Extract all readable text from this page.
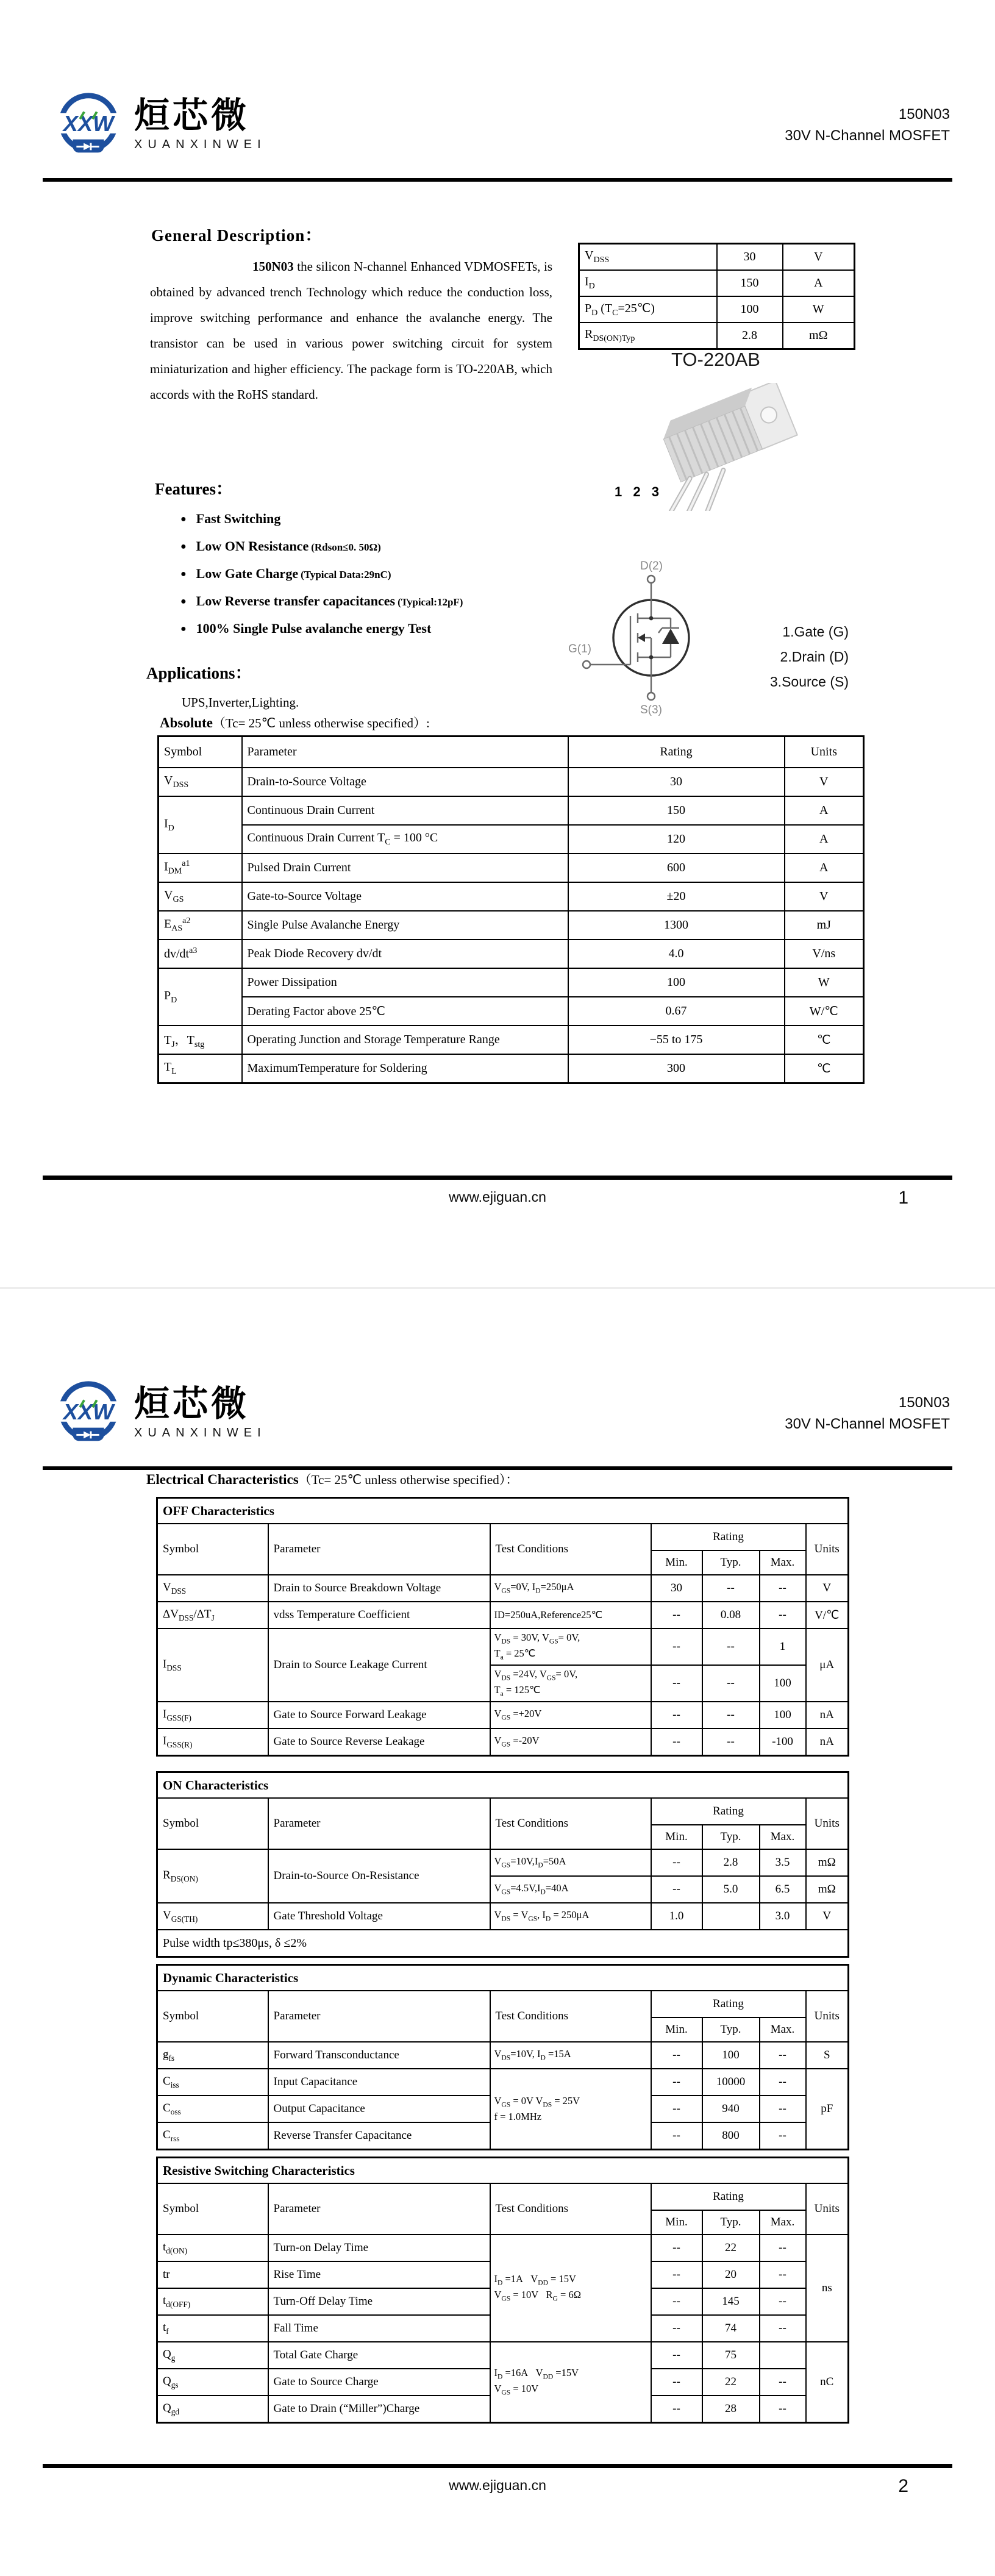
XXW 烜芯微
XUANXINWEI
150N03
30V N-Channel MOSFET
General Description：
150N03 the silicon N-channel Enhanced VDMOSFETs, is obtained by advanced trench Technology which reduce the conduction loss, improve switching performance and enhance the avalanche energy. The transistor can be used in various power switching circuit for system miniaturization and higher efficiency. The package form is TO-220AB, which accords with the RoHS standard.
$V_{DSS}$	30	V
$I_D$	150	A
$P_D$ $(T_C=25℃)$	100	W
$R_{DS(ON)Typ}$	2.8	mΩ
TO-220AB
1 2 3
D(2)
G(1)
S(3)
1.Gate (G)
2.Drain (D)
3.Source (S)
Features：
● Fast Switching
● Low ON Resistance (Rdson≤0. 50Ω)
● Low Gate Charge (Typical Data:29nC)
● Low Reverse transfer capacitances (Typical:12pF)
● 100% Single Pulse avalanche energy Test
Applications：
UPS,Inverter,Lighting.
Absolute（Tc= 25℃ unless otherwise specified）:
Symbol	Parameter	Rating	Units
$V_{DSS}$	Drain-to-Source Voltage	30	V
$I_D$	Continuous Drain Current	150	A
	Continuous Drain Current $T_C = 100$ °C	120	A
$I_{DM}^{a1}$	Pulsed Drain Current	600	A
$V_{GS}$	Gate-to-Source Voltage	±20	V
$E_{AS}^{a2}$	Single Pulse Avalanche Energy	1300	mJ
$dv/dt^{a3}$	Peak Diode Recovery dv/dt	4.0	V/ns
$P_D$	Power Dissipation	100	W
	Derating Factor above 25℃	0.67	W/℃
$T_J$，$T_{stg}$	Operating Junction and Storage Temperature Range	−55 to 175	℃
$T_L$	MaximumTemperature for Soldering	300	℃
www.ejiguan.cn	1
XXW 烜芯微
XUANXINWEI
150N03
30V N-Channel MOSFET
Electrical Characteristics（Tc= 25℃ unless otherwise specified）：
OFF Characteristics						
Symbol	Parameter	Test Conditions	Rating			Units
			Min.	Typ.	Max.	
$V_{DSS}$	Drain to Source Breakdown Voltage	$V_{GS}=0V$, $I_D=250\mu A$	30	--	--	V
$\Delta V_{DSS}/\Delta T_J$	vdss Temperature Coefficient	ID=250uA,Reference25℃	--	0.08	--	V/℃
$I_{DSS}$	Drain to Source Leakage Current	$V_{DS} = 30V$, $V_{GS}= 0V$,
$T_a$ = 25℃	--	--	1	μA
		$V_{DS} =24V$, $V_{GS}= 0V$,
$T_a$ = 125℃	--	--	100	
$I_{GSS(F)}$	Gate to Source Forward Leakage	$V_{GS} =+20V$	--	--	100	nA
$I_{GSS(R)}$	Gate to Source Reverse Leakage	$V_{GS} =-20V$	--	--	-100	nA
ON Characteristics						
Symbol	Parameter	Test Conditions	Rating			Units
			Min.	Typ.	Max.	
$R_{DS(ON)}$	Drain-to-Source On-Resistance	$V_{GS}=10V,I_D=50A$	--	2.8	3.5	mΩ
		$V_{GS}=4.5V,I_D=40A$	--	5.0	6.5	mΩ
$V_{GS(TH)}$	Gate Threshold Voltage	$V_{DS} = V_{GS}$, $I_D = 250\mu A$	1.0		3.0	V
Pulse width tp≤380μs, δ ≤2%						
Dynamic Characteristics						
Symbol	Parameter	Test Conditions	Rating			Units
			Min.	Typ.	Max.	
$g_{fs}$	Forward Transconductance	$V_{DS}=10V$, $I_D =15A$	--	100	--	S
$C_{iss}$	Input Capacitance	$V_{GS} = 0V$ $V_{DS} = 25V$
f = 1.0MHz	--	10000	--	pF
$C_{oss}$	Output Capacitance		--	940	--	
$C_{rss}$	Reverse Transfer Capacitance		--	800	--	
Resistive Switching Characteristics						
Symbol	Parameter	Test Conditions	Rating			Units
			Min.	Typ.	Max.	
$t_{d(ON)}$	Turn-on Delay Time	$I_D =1A$   $V_{DD} = 15V$
$V_{GS} = 10V$   $R_G = 6\Omega$	--	22	--	ns
tr	Rise Time		--	20	--	
$t_{d(OFF)}$	Turn-Off Delay Time		--	145	--	
$t_f$	Fall Time		--	74	--	
$Q_g$	Total Gate Charge	$I_D =16A$   $V_{DD} =15V$
$V_{GS} = 10V$	--	75		nC
$Q_{gs}$	Gate to Source Charge		--	22	--	
$Q_{gd}$	Gate to Drain (“Miller”)Charge		--	28	--	
www.ejiguan.cn	2
